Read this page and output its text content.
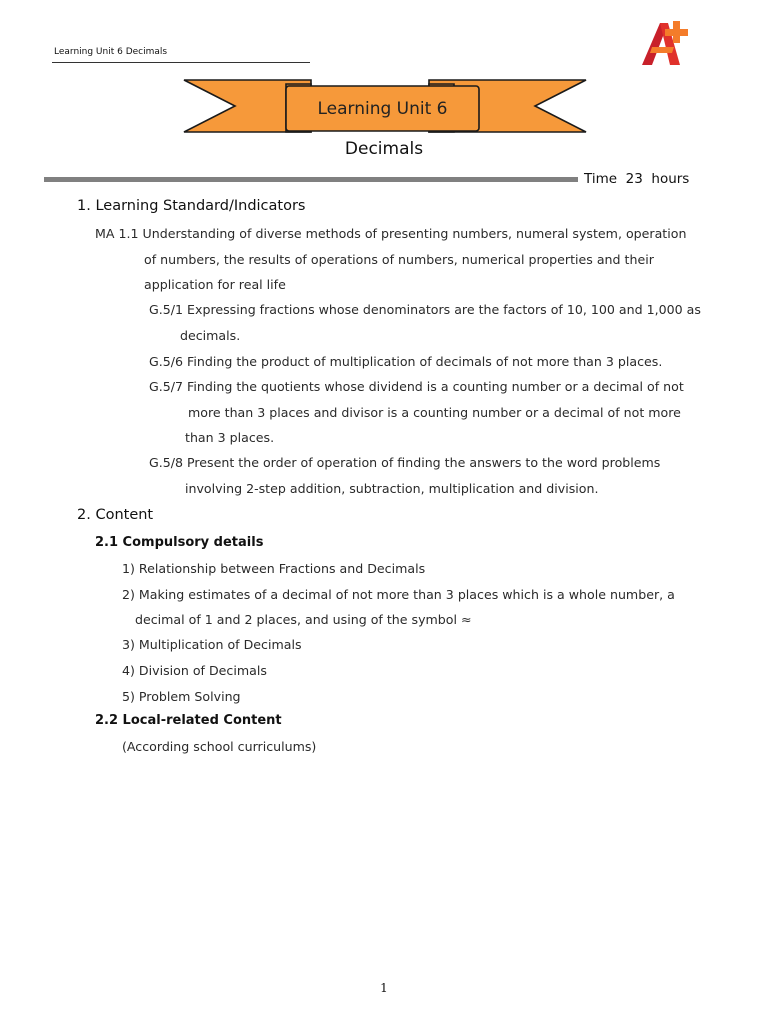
Learning Unit 6 Decimals
Learning Unit 6
Decimals
Time  23  hours
1. Learning Standard/Indicators
MA 1.1 Understanding of diverse methods of presenting numbers, numeral system, operation
of numbers, the results of operations of numbers, numerical properties and their
application for real life
G.5/1 Expressing fractions whose denominators are the factors of 10, 100 and 1,000 as
decimals.
G.5/6 Finding the product of multiplication of decimals of not more than 3 places.
G.5/7 Finding the quotients whose dividend is a counting number or a decimal of not
more than 3 places and divisor is a counting number or a decimal of not more
than 3 places.
G.5/8 Present the order of operation of finding the answers to the word problems
involving 2-step addition, subtraction, multiplication and division.
2. Content
2.1 Compulsory details
1) Relationship between Fractions and Decimals
2) Making estimates of a decimal of not more than 3 places which is a whole number, a
decimal of 1 and 2 places, and using of the symbol ≈
3) Multiplication of Decimals
4) Division of Decimals
5) Problem Solving
2.2 Local-related Content
(According school curriculums)
1
